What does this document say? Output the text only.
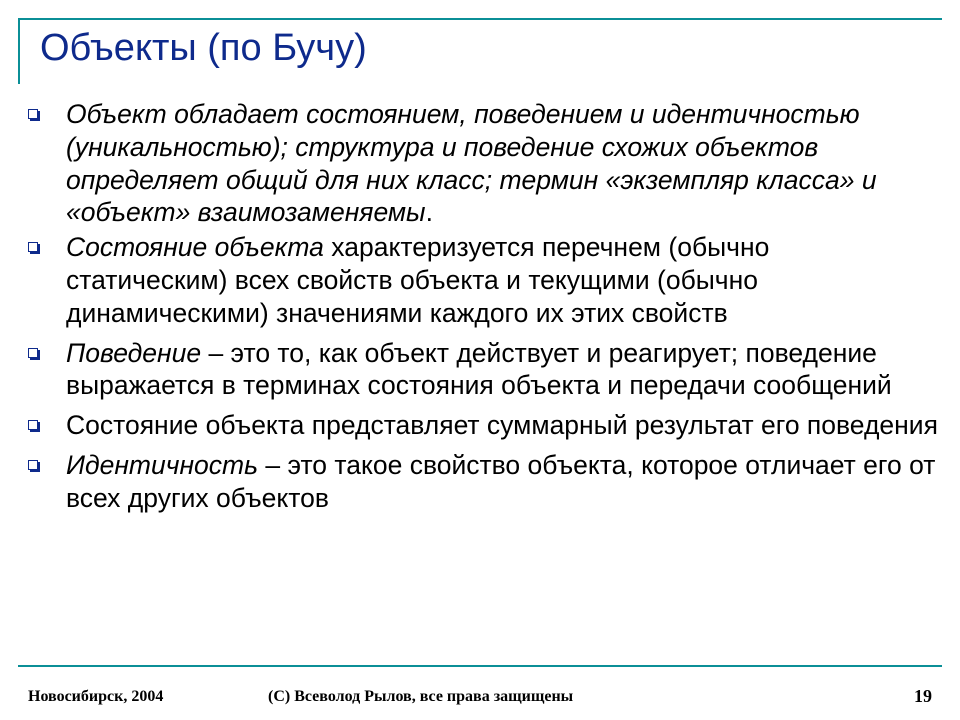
Объекты (по Бучу)
Объект обладает состоянием, поведением и идентичностью (уникальностью); структура и поведение схожих объектов определяет общий для них класс; термин «экземпляр класса» и «объект» взаимозаменяемы.
Состояние объекта характеризуется перечнем (обычно статическим) всех свойств объекта и текущими (обычно динамическими) значениями каждого их этих свойств
Поведение – это то, как объект действует и реагирует; поведение выражается в терминах состояния объекта и передачи сообщений
Состояние объекта представляет суммарный результат его поведения
Идентичность – это такое свойство объекта, которое отличает его от всех других объектов
Новосибирск, 2004	(С) Всеволод Рылов, все права защищены	19
